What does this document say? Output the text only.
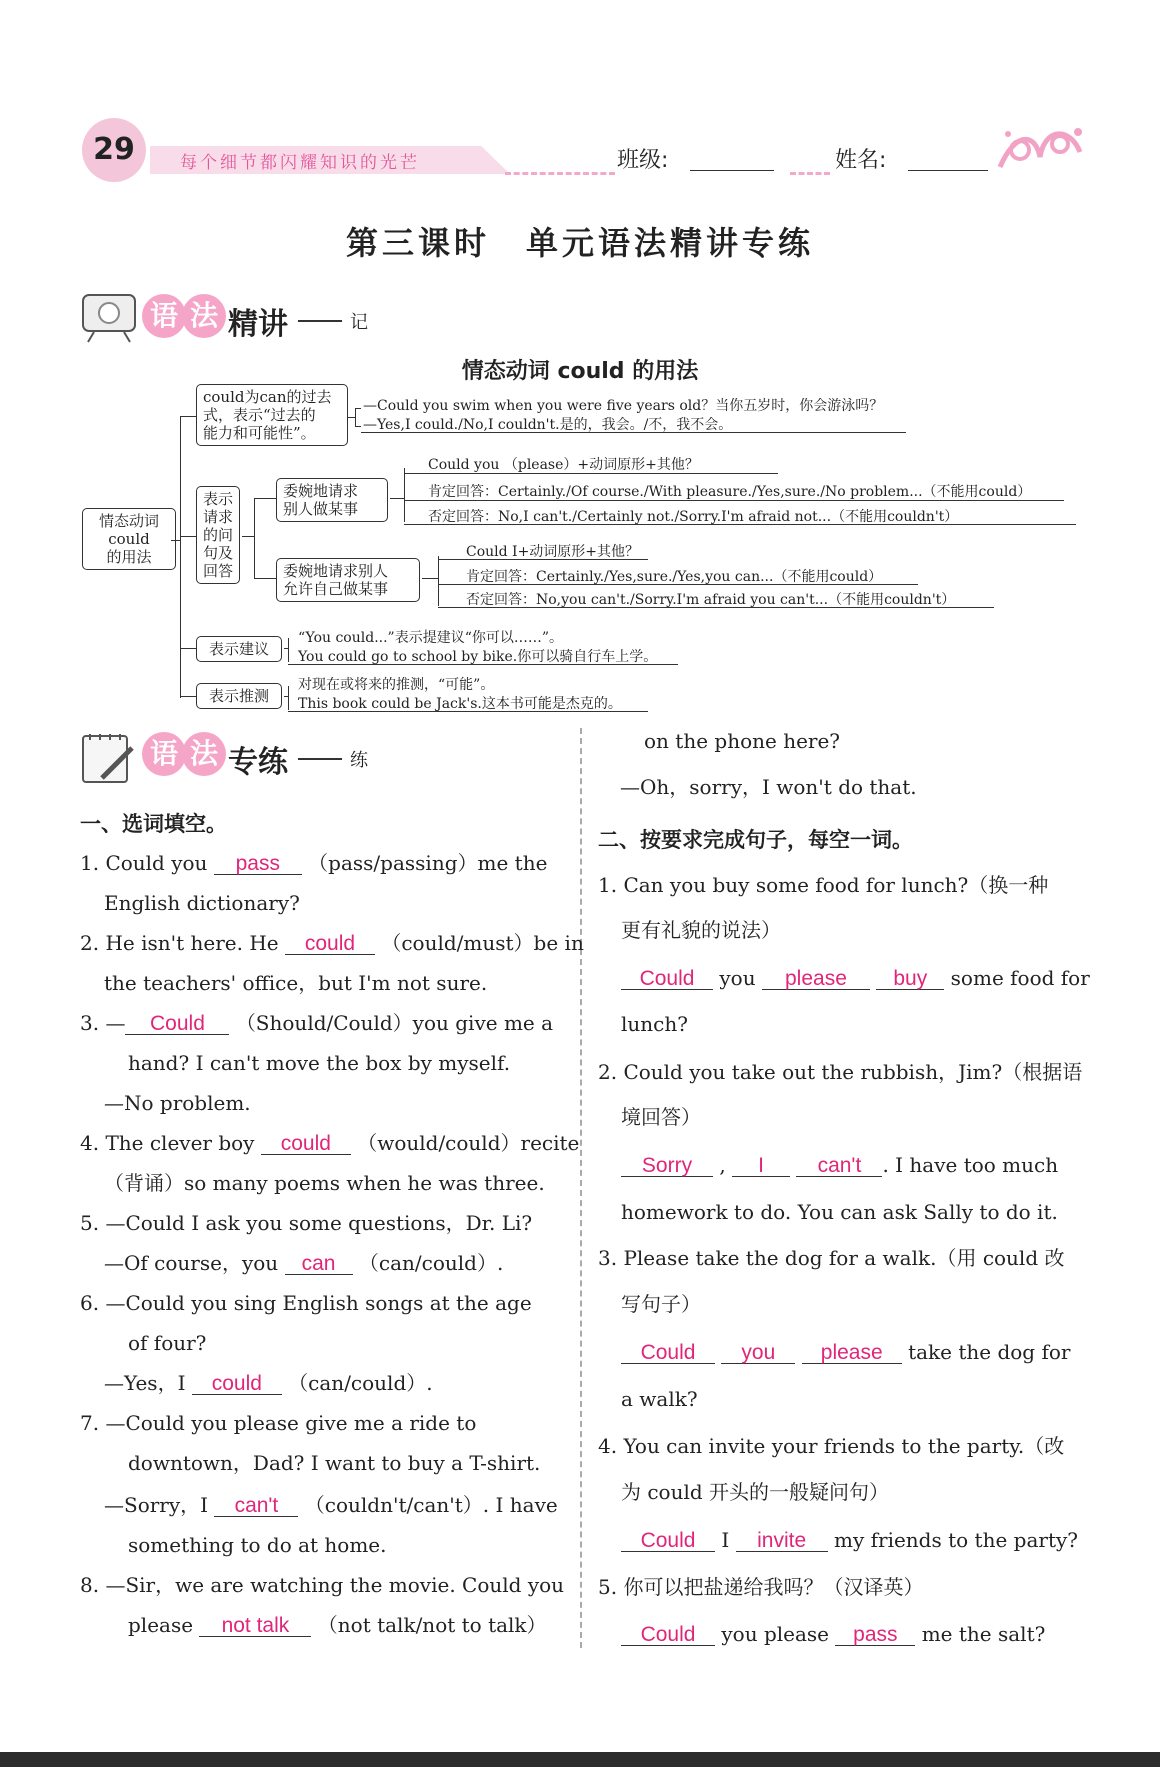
29	每个细节都闪耀知识的光芒	班级:	姓名:
第三课时　单元语法精讲专练
语 法 精讲	记
情态动词 could 的用法
情态动词
could
的用法
could为can的过去
式，表示“过去的
能力和可能性”。
—Could you swim when you were five years old？当你五岁时，你会游泳吗？
—Yes,I could./No,I couldn't.是的，我会。/不，我不会。
表示
请求
的问
句及
回答
委婉地请求
别人做某事
Could you （please）+动词原形+其他？
肯定回答：Certainly./Of course./With pleasure./Yes,sure./No problem...（不能用could）
否定回答：No,I can't./Certainly not./Sorry.I'm afraid not...（不能用couldn't）
委婉地请求别人
允许自己做某事
Could I+动词原形+其他？
肯定回答：Certainly./Yes,sure./Yes,you can...（不能用could）
否定回答：No,you can't./Sorry.I'm afraid you can't...（不能用couldn't）
表示建议
“You could...”表示提建议“你可以……”。
You could go to school by bike.你可以骑自行车上学。
表示推测
对现在或将来的推测，“可能”。
This book could be Jack's.这本书可能是杰克的。
语 法 专练	练
一、选词填空。
1. Could you pass （pass/passing）me the
English dictionary?
2. He isn't here. He could （could/must）be in
the teachers' office，but I'm not sure.
3. — Could （Should/Could）you give me a
hand? I can't move the box by myself.
—No problem.
4. The clever boy could （would/could）recite
（背诵）so many poems when he was three.
5. —Could I ask you some questions，Dr. Li?
—Of course，you can （can/could）.
6. —Could you sing English songs at the age
of four?
—Yes，I could （can/could）.
7. —Could you please give me a ride to
downtown，Dad? I want to buy a T-shirt.
—Sorry，I can't （couldn't/can't）. I have
something to do at home.
8. —Sir，we are watching the movie. Could you
please not talk （not talk/not to talk）
on the phone here?
—Oh，sorry，I won't do that.
二、按要求完成句子，每空一词。
1. Can you buy some food for lunch?（换一种
更有礼貌的说法）
Could you please buy some food for
lunch?
2. Could you take out the rubbish，Jim?（根据语
境回答）
Sorry , I	can't . I have too much
homework to do. You can ask Sally to do it.
3. Please take the dog for a walk.（用 could 改
写句子）
Could you please take the dog for
a walk?
4. You can invite your friends to the party.（改
为 could 开头的一般疑问句）
Could I invite my friends to the party?
5. 你可以把盐递给我吗？（汉译英）
Could you please pass me the salt?
